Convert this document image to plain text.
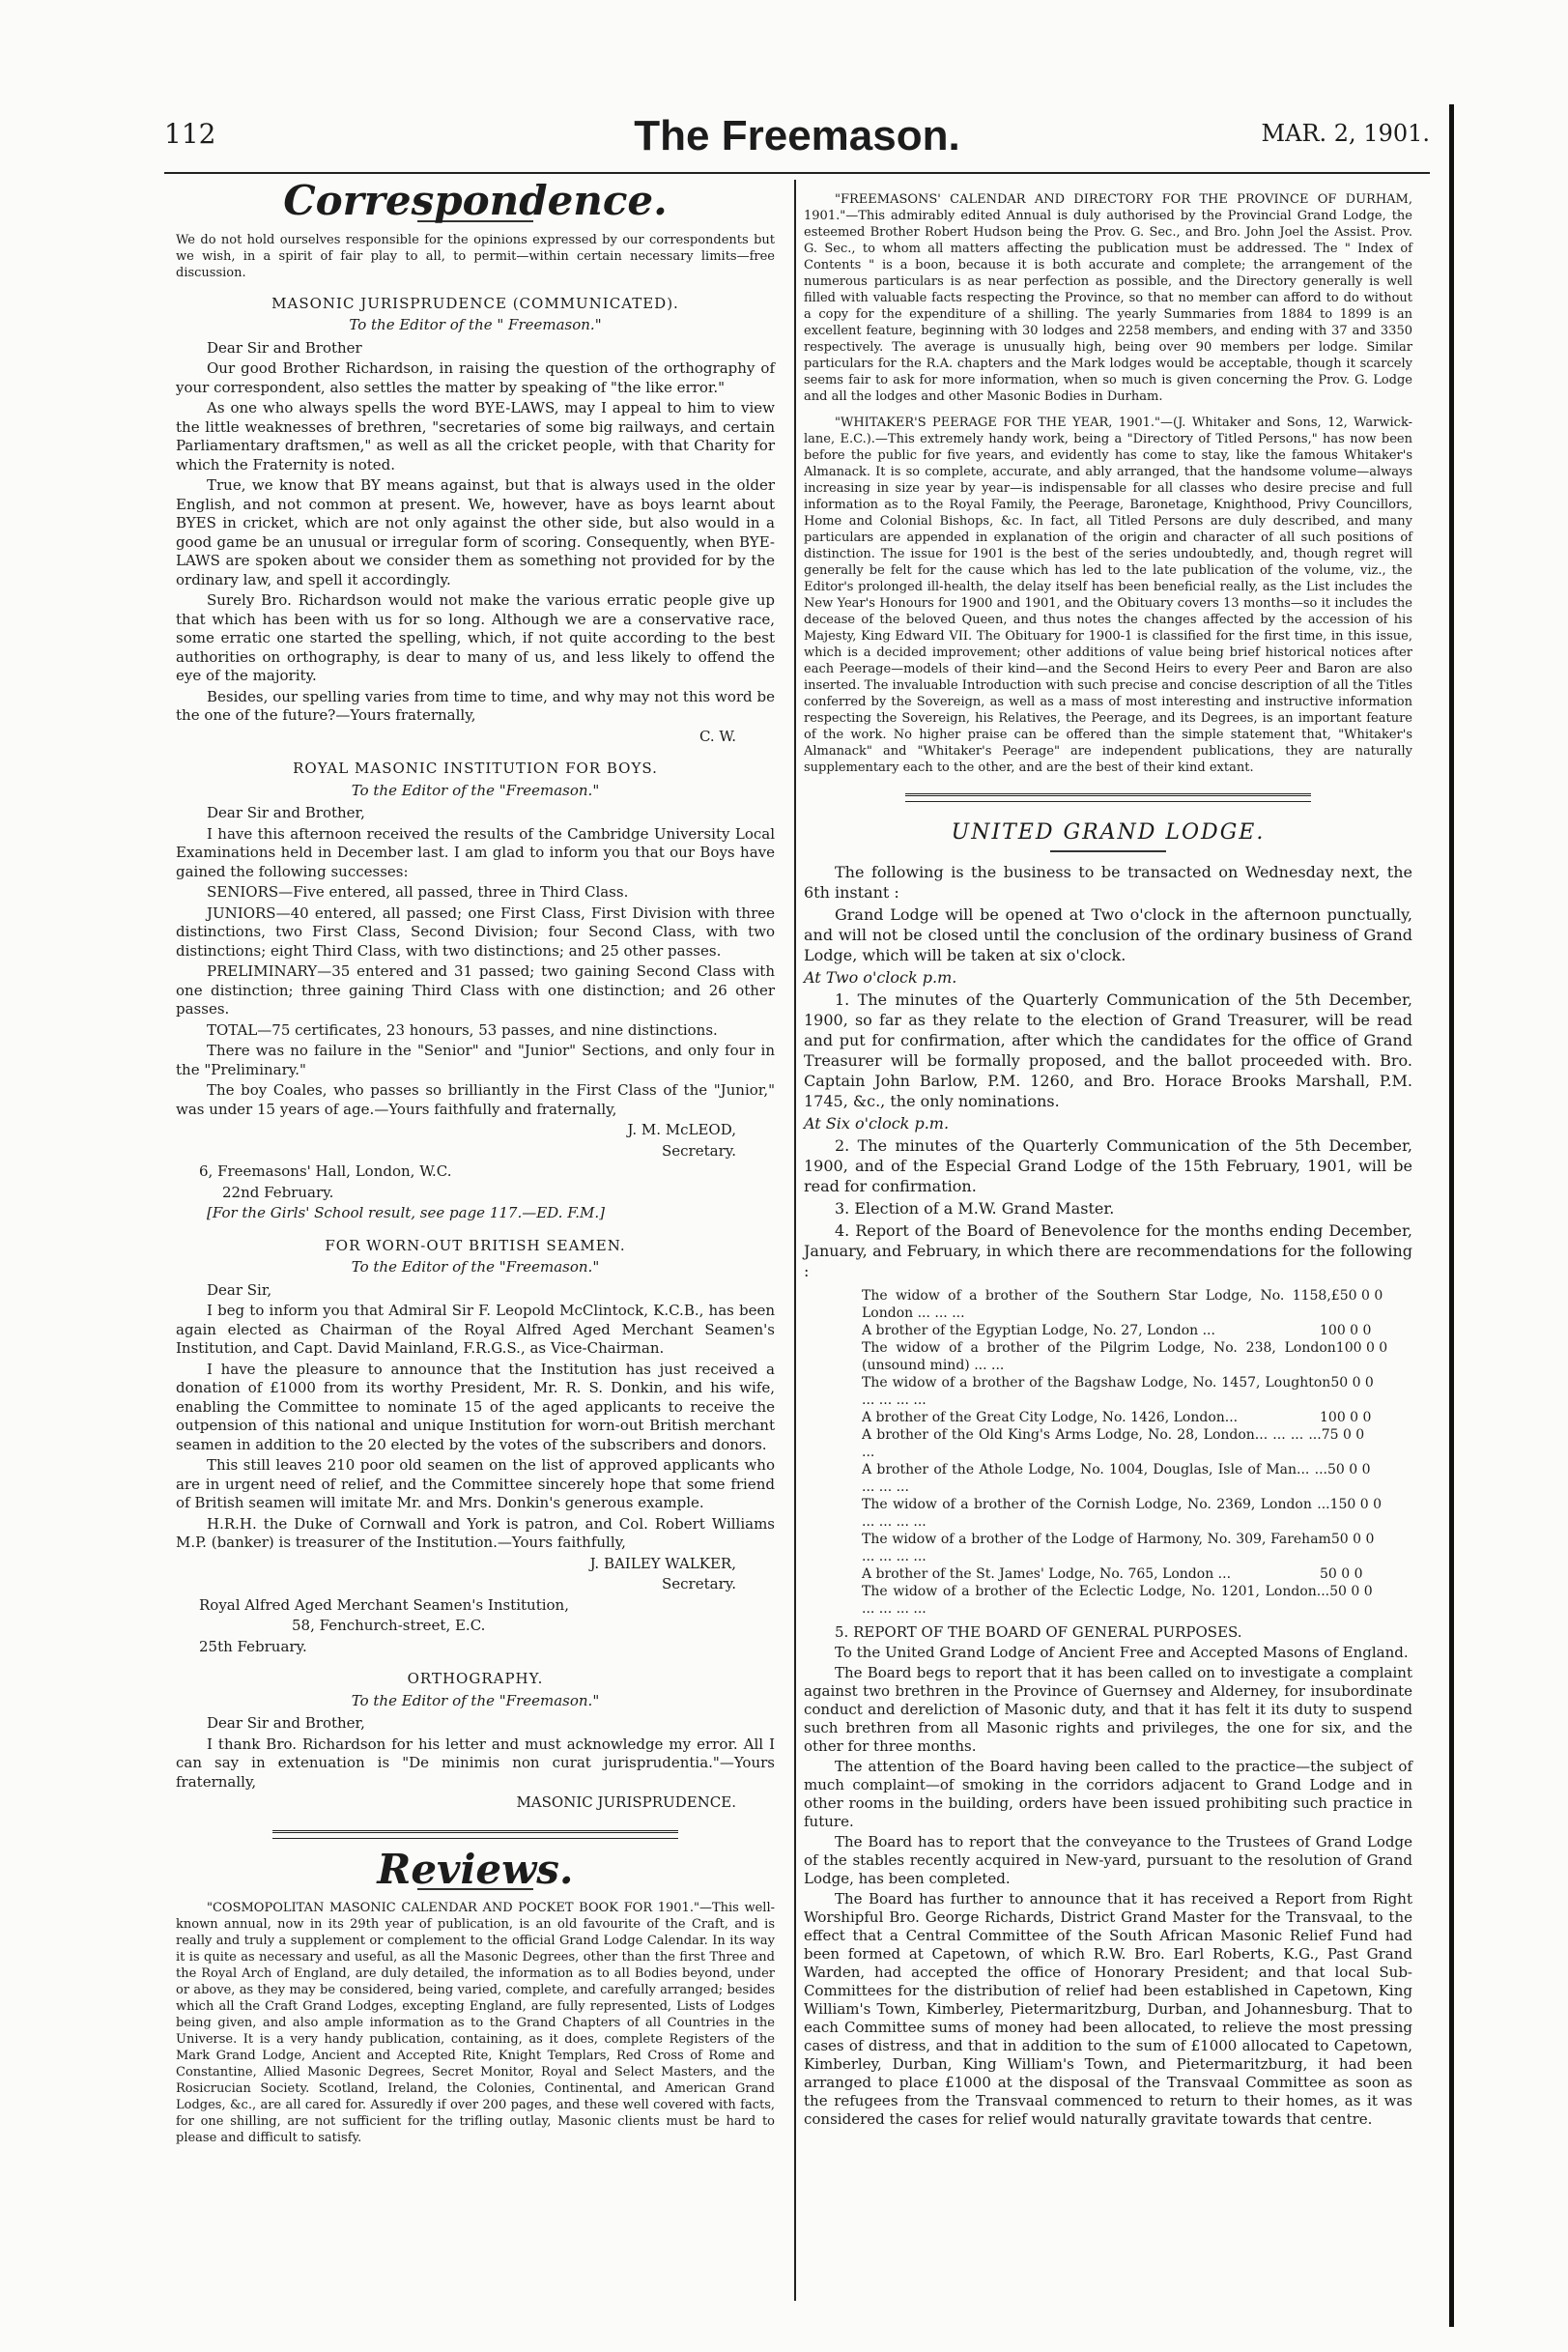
112	The Freemason.	MAR. 2, 1901.
Correspondence.

We do not hold ourselves responsible for the opinions expressed by our correspondents but we wish, in a spirit of fair play to all, to permit—within certain necessary limits—free discussion.

MASONIC JURISPRUDENCE (COMMUNICATED).
To the Editor of the " Freemason."

Dear Sir and Brother

Our good Brother Richardson, in raising the question of the orthography of your correspondent, also settles the matter by speaking of "the like error."

As one who always spells the word BYE-LAWS, may I appeal to him to view the little weaknesses of brethren, "secretaries of some big railways, and certain Parliamentary draftsmen," as well as all the cricket people, with that Charity for which the Fraternity is noted.

True, we know that BY means against, but that is always used in the older English, and not common at present. We, however, have as boys learnt about BYES in cricket, which are not only against the other side, but also would in a good game be an unusual or irregular form of scoring. Consequently, when BYE-LAWS are spoken about we consider them as something not provided for by the ordinary law, and spell it accordingly.

Surely Bro. Richardson would not make the various erratic people give up that which has been with us for so long. Although we are a conservative race, some erratic one started the spelling, which, if not quite according to the best authorities on orthography, is dear to many of us, and less likely to offend the eye of the majority.

Besides, our spelling varies from time to time, and why may not this word be the one of the future?—Yours fraternally,

C. W.
ROYAL MASONIC INSTITUTION FOR BOYS.
To the Editor of the "Freemason."

Dear Sir and Brother,

I have this afternoon received the results of the Cambridge University Local Examinations held in December last. I am glad to inform you that our Boys have gained the following successes:

SENIORS—Five entered, all passed, three in Third Class.

JUNIORS—40 entered, all passed; one First Class, First Division with three distinctions, two First Class, Second Division; four Second Class, with two distinctions; eight Third Class, with two distinctions; and 25 other passes.

PRELIMINARY—35 entered and 31 passed; two gaining Second Class with one distinction; three gaining Third Class with one distinction; and 26 other passes.

TOTAL—75 certificates, 23 honours, 53 passes, and nine distinctions.

There was no failure in the "Senior" and "Junior" Sections, and only four in the "Preliminary."

The boy Coales, who passes so brilliantly in the First Class of the "Junior," was under 15 years of age.—Yours faithfully and fraternally,

J. M. McLEOD,
Secretary.

6, Freemasons' Hall, London, W.C.

22nd February.

[For the Girls' School result, see page 117.—ED. F.M.]

FOR WORN-OUT BRITISH SEAMEN.
To the Editor of the "Freemason."

Dear Sir,

I beg to inform you that Admiral Sir F. Leopold McClintock, K.C.B., has been again elected as Chairman of the Royal Alfred Aged Merchant Seamen's Institution, and Capt. David Mainland, F.R.G.S., as Vice-Chairman.

I have the pleasure to announce that the Institution has just received a donation of £1000 from its worthy President, Mr. R. S. Donkin, and his wife, enabling the Committee to nominate 15 of the aged applicants to receive the outpension of this national and unique Institution for worn-out British merchant seamen in addition to the 20 elected by the votes of the subscribers and donors.

This still leaves 210 poor old seamen on the list of approved applicants who are in urgent need of relief, and the Committee sincerely hope that some friend of British seamen will imitate Mr. and Mrs. Donkin's generous example.

H.R.H. the Duke of Cornwall and York is patron, and Col. Robert Williams M.P. (banker) is treasurer of the Institution.—Yours faithfully,

J. BAILEY WALKER,
Secretary.

Royal Alfred Aged Merchant Seamen's Institution,

58, Fenchurch-street, E.C.

25th February.

ORTHOGRAPHY.
To the Editor of the "Freemason."

Dear Sir and Brother,

I thank Bro. Richardson for his letter and must acknowledge my error. All I can say in extenuation is "De minimis non curat jurisprudentia."—Yours fraternally,

MASONIC JURISPRUDENCE.
Reviews.

"COSMOPOLITAN MASONIC CALENDAR AND POCKET BOOK FOR 1901."—This well-known annual, now in its 29th year of publication, is an old favourite of the Craft, and is really and truly a supplement or complement to the official Grand Lodge Calendar. In its way it is quite as necessary and useful, as all the Masonic Degrees, other than the first Three and the Royal Arch of England, are duly detailed, the information as to all Bodies beyond, under or above, as they may be considered, being varied, complete, and carefully arranged; besides which all the Craft Grand Lodges, excepting England, are fully represented, Lists of Lodges being given, and also ample information as to the Grand Chapters of all Countries in the Universe. It is a very handy publication, containing, as it does, complete Registers of the Mark Grand Lodge, Ancient and Accepted Rite, Knight Templars, Red Cross of Rome and Constantine, Allied Masonic Degrees, Secret Monitor, Royal and Select Masters, and the Rosicrucian Society. Scotland, Ireland, the Colonies, Continental, and American Grand Lodges, &c., are all cared for. Assuredly if over 200 pages, and these well covered with facts, for one shilling, are not sufficient for the trifling outlay, Masonic clients must be hard to please and difficult to satisfy.

"FREEMASONS' CALENDAR AND DIRECTORY FOR THE PROVINCE OF DURHAM, 1901."—This admirably edited Annual is duly authorised by the Provincial Grand Lodge, the esteemed Brother Robert Hudson being the Prov. G. Sec., and Bro. John Joel the Assist. Prov. G. Sec., to whom all matters affecting the publication must be addressed. The " Index of Contents " is a boon, because it is both accurate and complete; the arrangement of the numerous particulars is as near perfection as possible, and the Directory generally is well filled with valuable facts respecting the Province, so that no member can afford to do without a copy for the expenditure of a shilling. The yearly Summaries from 1884 to 1899 is an excellent feature, beginning with 30 lodges and 2258 members, and ending with 37 and 3350 respectively. The average is unusually high, being over 90 members per lodge. Similar particulars for the R.A. chapters and the Mark lodges would be acceptable, though it scarcely seems fair to ask for more information, when so much is given concerning the Prov. G. Lodge and all the lodges and other Masonic Bodies in Durham.

"WHITAKER'S PEERAGE FOR THE YEAR, 1901."—(J. Whitaker and Sons, 12, Warwick-lane, E.C.).—This extremely handy work, being a "Directory of Titled Persons," has now been before the public for five years, and evidently has come to stay, like the famous Whitaker's Almanack. It is so complete, accurate, and ably arranged, that the handsome volume—always increasing in size year by year—is indispensable for all classes who desire precise and full information as to the Royal Family, the Peerage, Baronetage, Knighthood, Privy Councillors, Home and Colonial Bishops, &c. In fact, all Titled Persons are duly described, and many particulars are appended in explanation of the origin and character of all such positions of distinction. The issue for 1901 is the best of the series undoubtedly, and, though regret will generally be felt for the cause which has led to the late publication of the volume, viz., the Editor's prolonged ill-health, the delay itself has been beneficial really, as the List includes the New Year's Honours for 1900 and 1901, and the Obituary covers 13 months—so it includes the decease of the beloved Queen, and thus notes the changes affected by the accession of his Majesty, King Edward VII. The Obituary for 1900-1 is classified for the first time, in this issue, which is a decided improvement; other additions of value being brief historical notices after each Peerage—models of their kind—and the Second Heirs to every Peer and Baron are also inserted. The invaluable Introduction with such precise and concise description of all the Titles conferred by the Sovereign, as well as a mass of most interesting and instructive information respecting the Sovereign, his Relatives, the Peerage, and its Degrees, is an important feature of the work. No higher praise can be offered than the simple statement that, "Whitaker's Almanack" and "Whitaker's Peerage" are independent publications, they are naturally supplementary each to the other, and are the best of their kind extant.

UNITED GRAND LODGE.

The following is the business to be transacted on Wednesday next, the 6th instant :

Grand Lodge will be opened at Two o'clock in the afternoon punctually, and will not be closed until the conclusion of the ordinary business of Grand Lodge, which will be taken at six o'clock.

At Two o'clock p.m.

1. The minutes of the Quarterly Communication of the 5th December, 1900, so far as they relate to the election of Grand Treasurer, will be read and put for confirmation, after which the candidates for the office of Grand Treasurer will be formally proposed, and the ballot proceeded with. Bro. Captain John Barlow, P.M. 1260, and Bro. Horace Brooks Marshall, P.M. 1745, &c., the only nominations.

At Six o'clock p.m.

2. The minutes of the Quarterly Communication of the 5th December, 1900, and of the Especial Grand Lodge of the 15th February, 1901, will be read for confirmation.

3. Election of a M.W. Grand Master.

4. Report of the Board of Benevolence for the months ending December, January, and February, in which there are recommendations for the following :

The widow of a brother of the Southern Star Lodge, No. 1158, London ... ... ...
£50 0 0
A brother of the Egyptian Lodge, No. 27, London ...	100 0 0
The widow of a brother of the Pilgrim Lodge, No. 238, London (unsound mind) ... ...
100 0 0
The widow of a brother of the Bagshaw Lodge, No. 1457, Loughton ... ... ... ...
50 0 0
A brother of the Great City Lodge, No. 1426, London...	100 0 0
A brother of the Old King's Arms Lodge, No. 28, London... ... ... ... ...
75 0 0
A brother of the Athole Lodge, No. 1004, Douglas, Isle of Man... ... ... ... ...
50 0 0
The widow of a brother of the Cornish Lodge, No. 2369, London ... ... ... ... ...
150 0 0
The widow of a brother of the Lodge of Harmony, No. 309, Fareham ... ... ... ...
50 0 0
A brother of the St. James' Lodge, No. 765, London ...	50 0 0
The widow of a brother of the Eclectic Lodge, No. 1201, London... ... ... ... ...
50 0 0

5. REPORT OF THE BOARD OF GENERAL PURPOSES.

To the United Grand Lodge of Ancient Free and Accepted Masons of England.

The Board begs to report that it has been called on to investigate a complaint against two brethren in the Province of Guernsey and Alderney, for insubordinate conduct and dereliction of Masonic duty, and that it has felt it its duty to suspend such brethren from all Masonic rights and privileges, the one for six, and the other for three months.

The attention of the Board having been called to the practice—the subject of much complaint—of smoking in the corridors adjacent to Grand Lodge and in other rooms in the building, orders have been issued prohibiting such practice in future.

The Board has to report that the conveyance to the Trustees of Grand Lodge of the stables recently acquired in New-yard, pursuant to the resolution of Grand Lodge, has been completed.

The Board has further to announce that it has received a Report from Right Worshipful Bro. George Richards, District Grand Master for the Transvaal, to the effect that a Central Committee of the South African Masonic Relief Fund had been formed at Capetown, of which R.W. Bro. Earl Roberts, K.G., Past Grand Warden, had accepted the office of Honorary President; and that local Sub-Committees for the distribution of relief had been established in Capetown, King William's Town, Kimberley, Pietermaritzburg, Durban, and Johannesburg. That to each Committee sums of money had been allocated, to relieve the most pressing cases of distress, and that in addition to the sum of £1000 allocated to Capetown, Kimberley, Durban, King William's Town, and Pietermaritzburg, it had been arranged to place £1000 at the disposal of the Transvaal Committee as soon as the refugees from the Transvaal commenced to return to their homes, as it was considered the cases for relief would naturally gravitate towards that centre.
